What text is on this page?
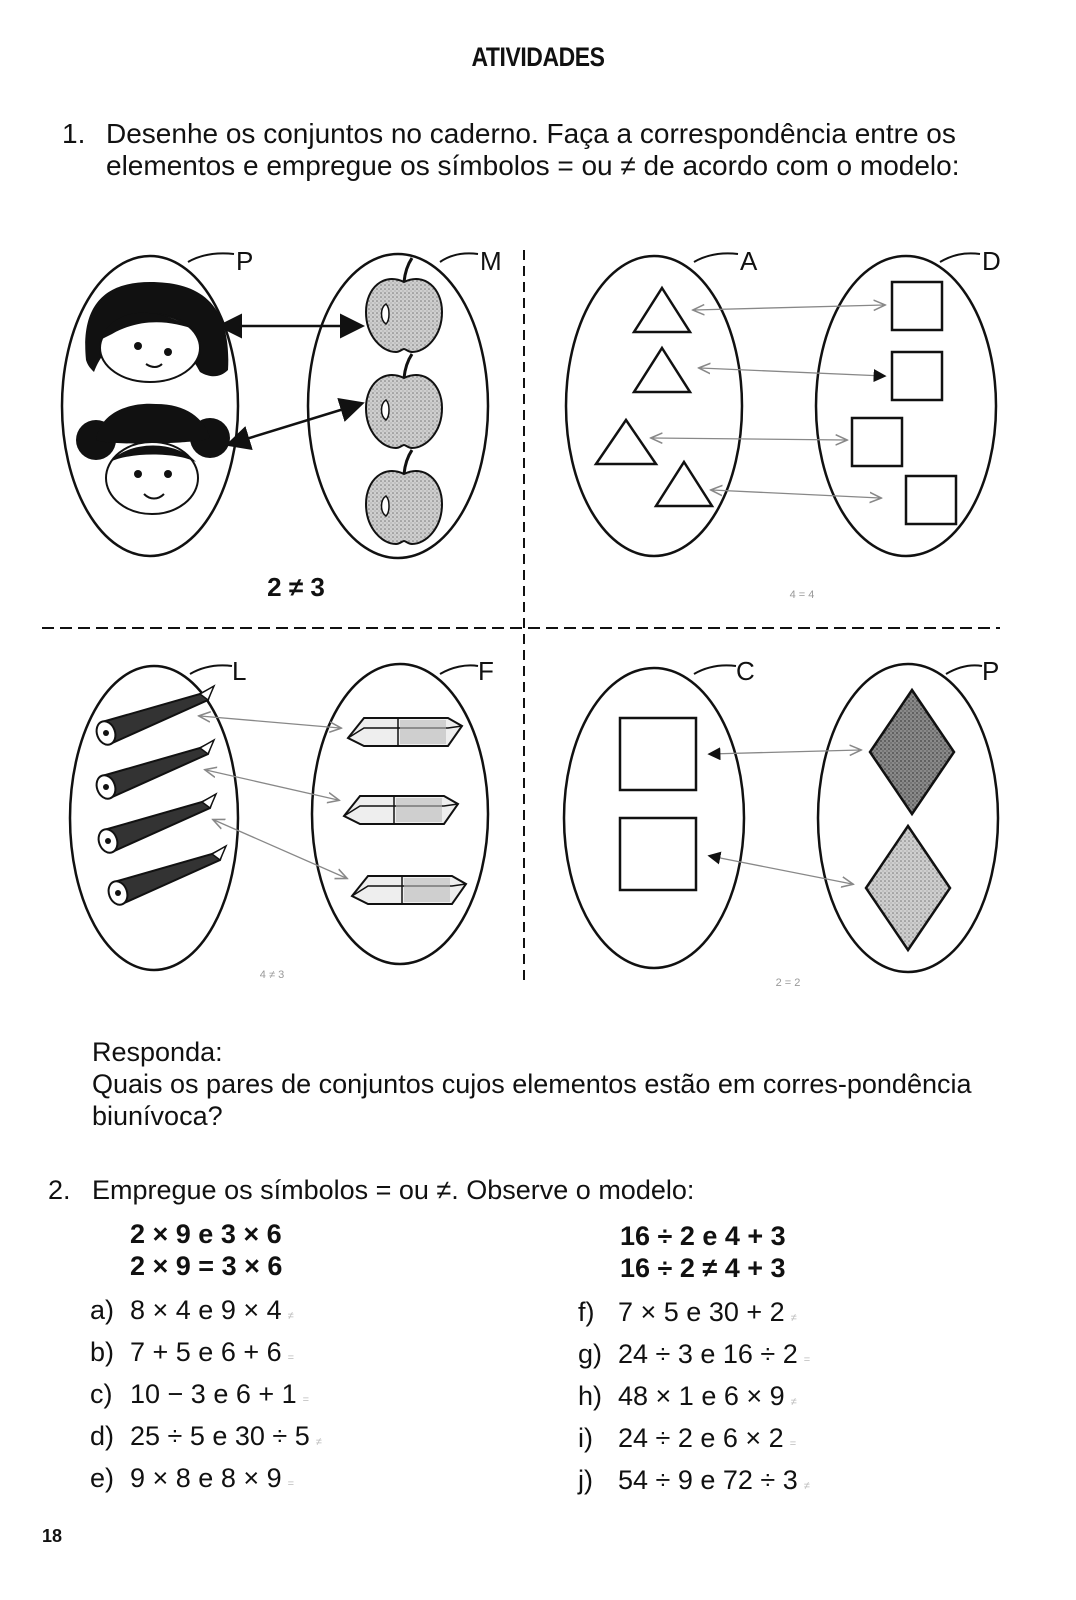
ATIVIDADES
1. Desenhe os conjuntos no caderno. Faça a correspondência entre os elementos e empregue os símbolos = ou ≠ de acordo com o modelo:
P	M
2 ≠ 3
A	D
4 = 4
L	F
4 ≠ 3
C	P
2 = 2
Responda:
Quais os pares de conjuntos cujos elementos estão em corres-pondência biunívoca?
2. Empregue os símbolos = ou ≠. Observe o modelo:
2 × 9 e 3 × 6
2 × 9 = 3 × 6
16 ÷ 2 e 4 + 3
16 ÷ 2 ≠ 4 + 3
a) 8 × 4 e 9 × 4 ≠
b) 7 + 5 e 6 + 6 =
c) 10 − 3 e 6 + 1 =
d) 25 ÷ 5 e 30 ÷ 5 ≠
e) 9 × 8 e 8 × 9 =
f) 7 × 5 e 30 + 2 ≠
g) 24 ÷ 3 e 16 ÷ 2 =
h) 48 × 1 e 6 × 9 ≠
i) 24 ÷ 2 e 6 × 2 =
j) 54 ÷ 9 e 72 ÷ 3 ≠
18
